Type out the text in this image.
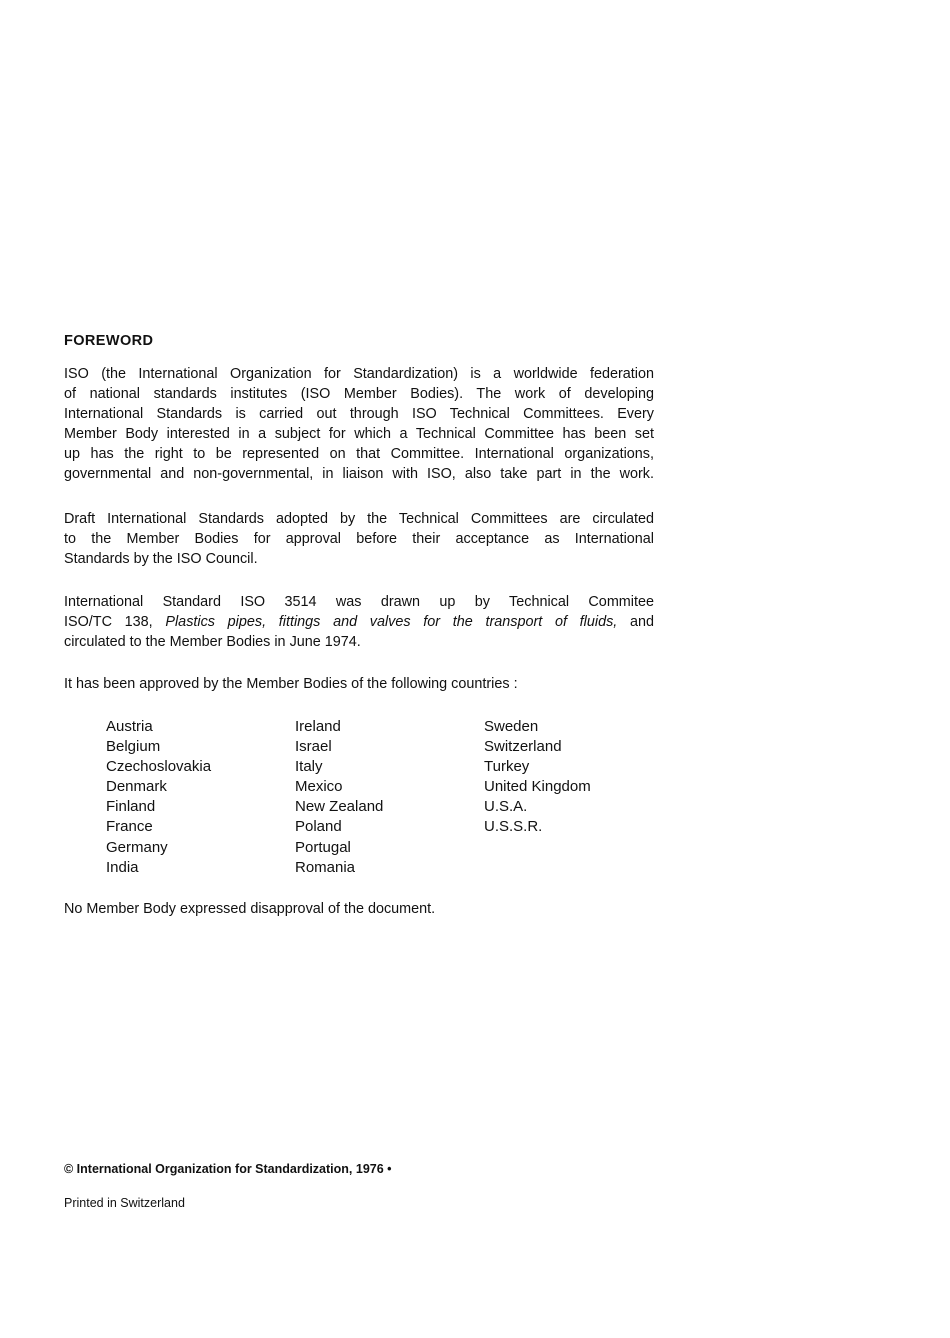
FOREWORD
ISO (the International Organization for Standardization) is a worldwide federation
of national standards institutes (ISO Member Bodies). The work of developing
International Standards is carried out through ISO Technical Committees. Every
Member Body interested in a subject for which a Technical Committee has been set
up has the right to be represented on that Committee. International organizations,
governmental and non-governmental, in liaison with ISO, also take part in the work.
Draft International Standards adopted by the Technical Committees are circulated
to the Member Bodies for approval before their acceptance as International
Standards by the ISO Council.
International Standard ISO 3514 was drawn up by Technical Commitee
ISO/TC 138, Plastics pipes, fittings and valves for the transport of fluids, and
circulated to the Member Bodies in June 1974.
It has been approved by the Member Bodies of the following countries :
Austria
Belgium
Czechoslovakia
Denmark
Finland
France
Germany
India
Ireland
Israel
Italy
Mexico
New Zealand
Poland
Portugal
Romania
Sweden
Switzerland
Turkey
United Kingdom
U.S.A.
U.S.S.R.
No Member Body expressed disapproval of the document.
© International Organization for Standardization, 1976 •
Printed in Switzerland
